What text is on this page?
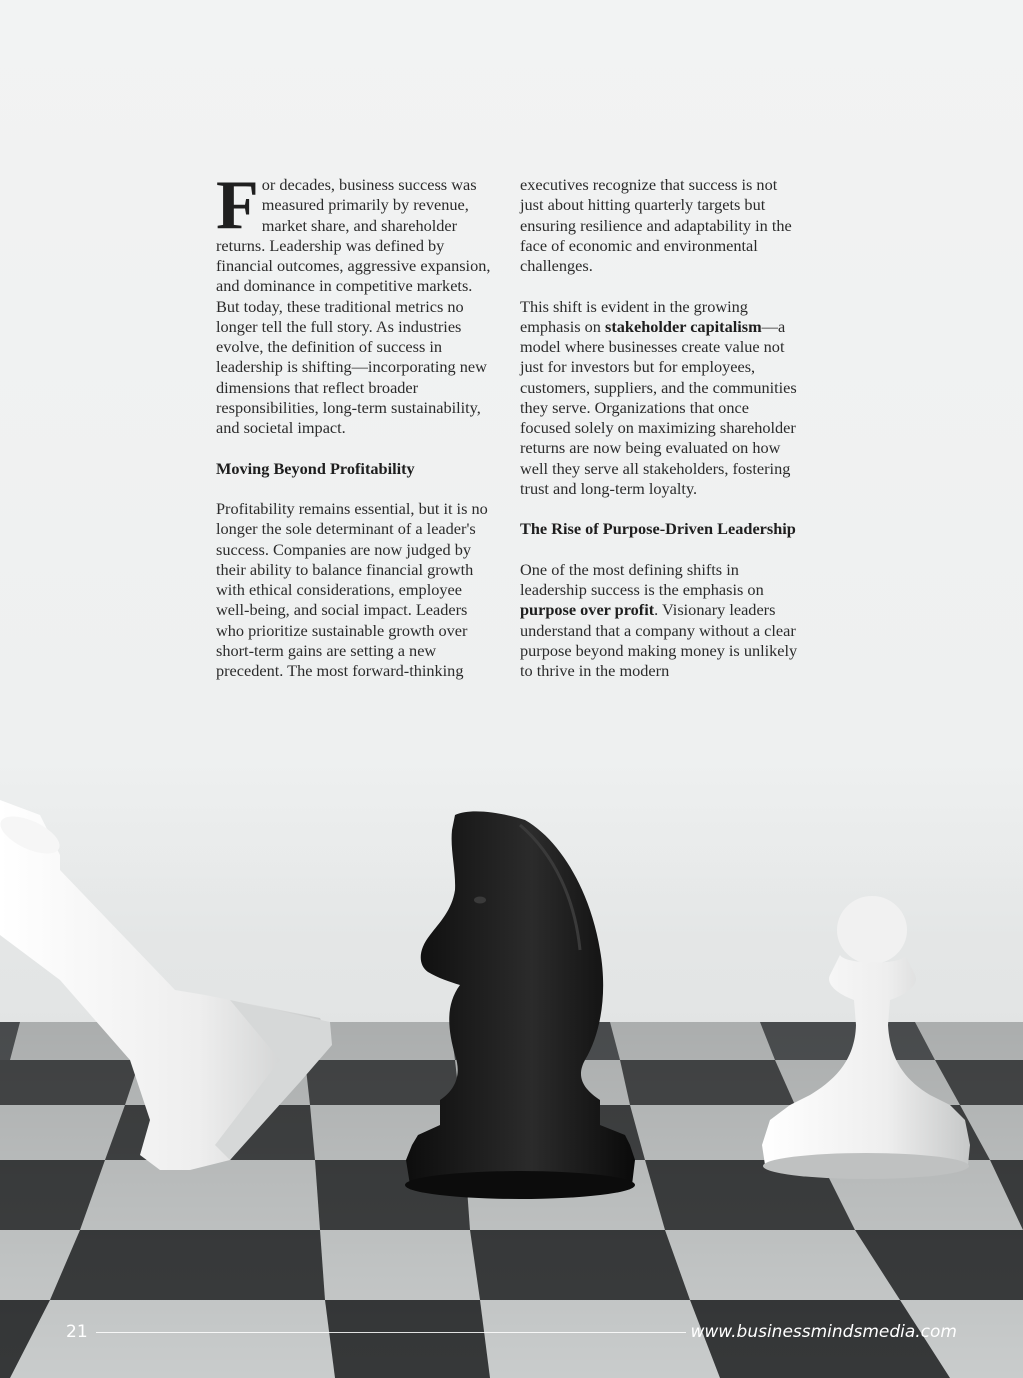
For decades, business success was measured primarily by revenue, market share, and shareholder returns. Leadership was defined by financial outcomes, aggressive expansion, and dominance in competitive markets. But today, these traditional metrics no longer tell the full story. As industries evolve, the definition of success in leadership is shifting—incorporating new dimensions that reflect broader responsibilities, long-term sustainability, and societal impact.

Moving Beyond Profitability

Profitability remains essential, but it is no longer the sole determinant of a leader's success. Companies are now judged by their ability to balance financial growth with ethical considerations, employee well-being, and social impact. Leaders who prioritize sustainable growth over short-term gains are setting a new precedent. The most forward-thinking

executives recognize that success is not just about hitting quarterly targets but ensuring resilience and adaptability in the face of economic and environmental challenges.

This shift is evident in the growing emphasis on stakeholder capitalism—a model where businesses create value not just for investors but for employees, customers, suppliers, and the communities they serve. Organizations that once focused solely on maximizing shareholder returns are now being evaluated on how well they serve all stakeholders, fostering trust and long-term loyalty.

The Rise of Purpose-Driven Leadership

One of the most defining shifts in leadership success is the emphasis on purpose over profit. Visionary leaders understand that a company without a clear purpose beyond making money is unlikely to thrive in the modern

21	www.businessmindsmedia.com
